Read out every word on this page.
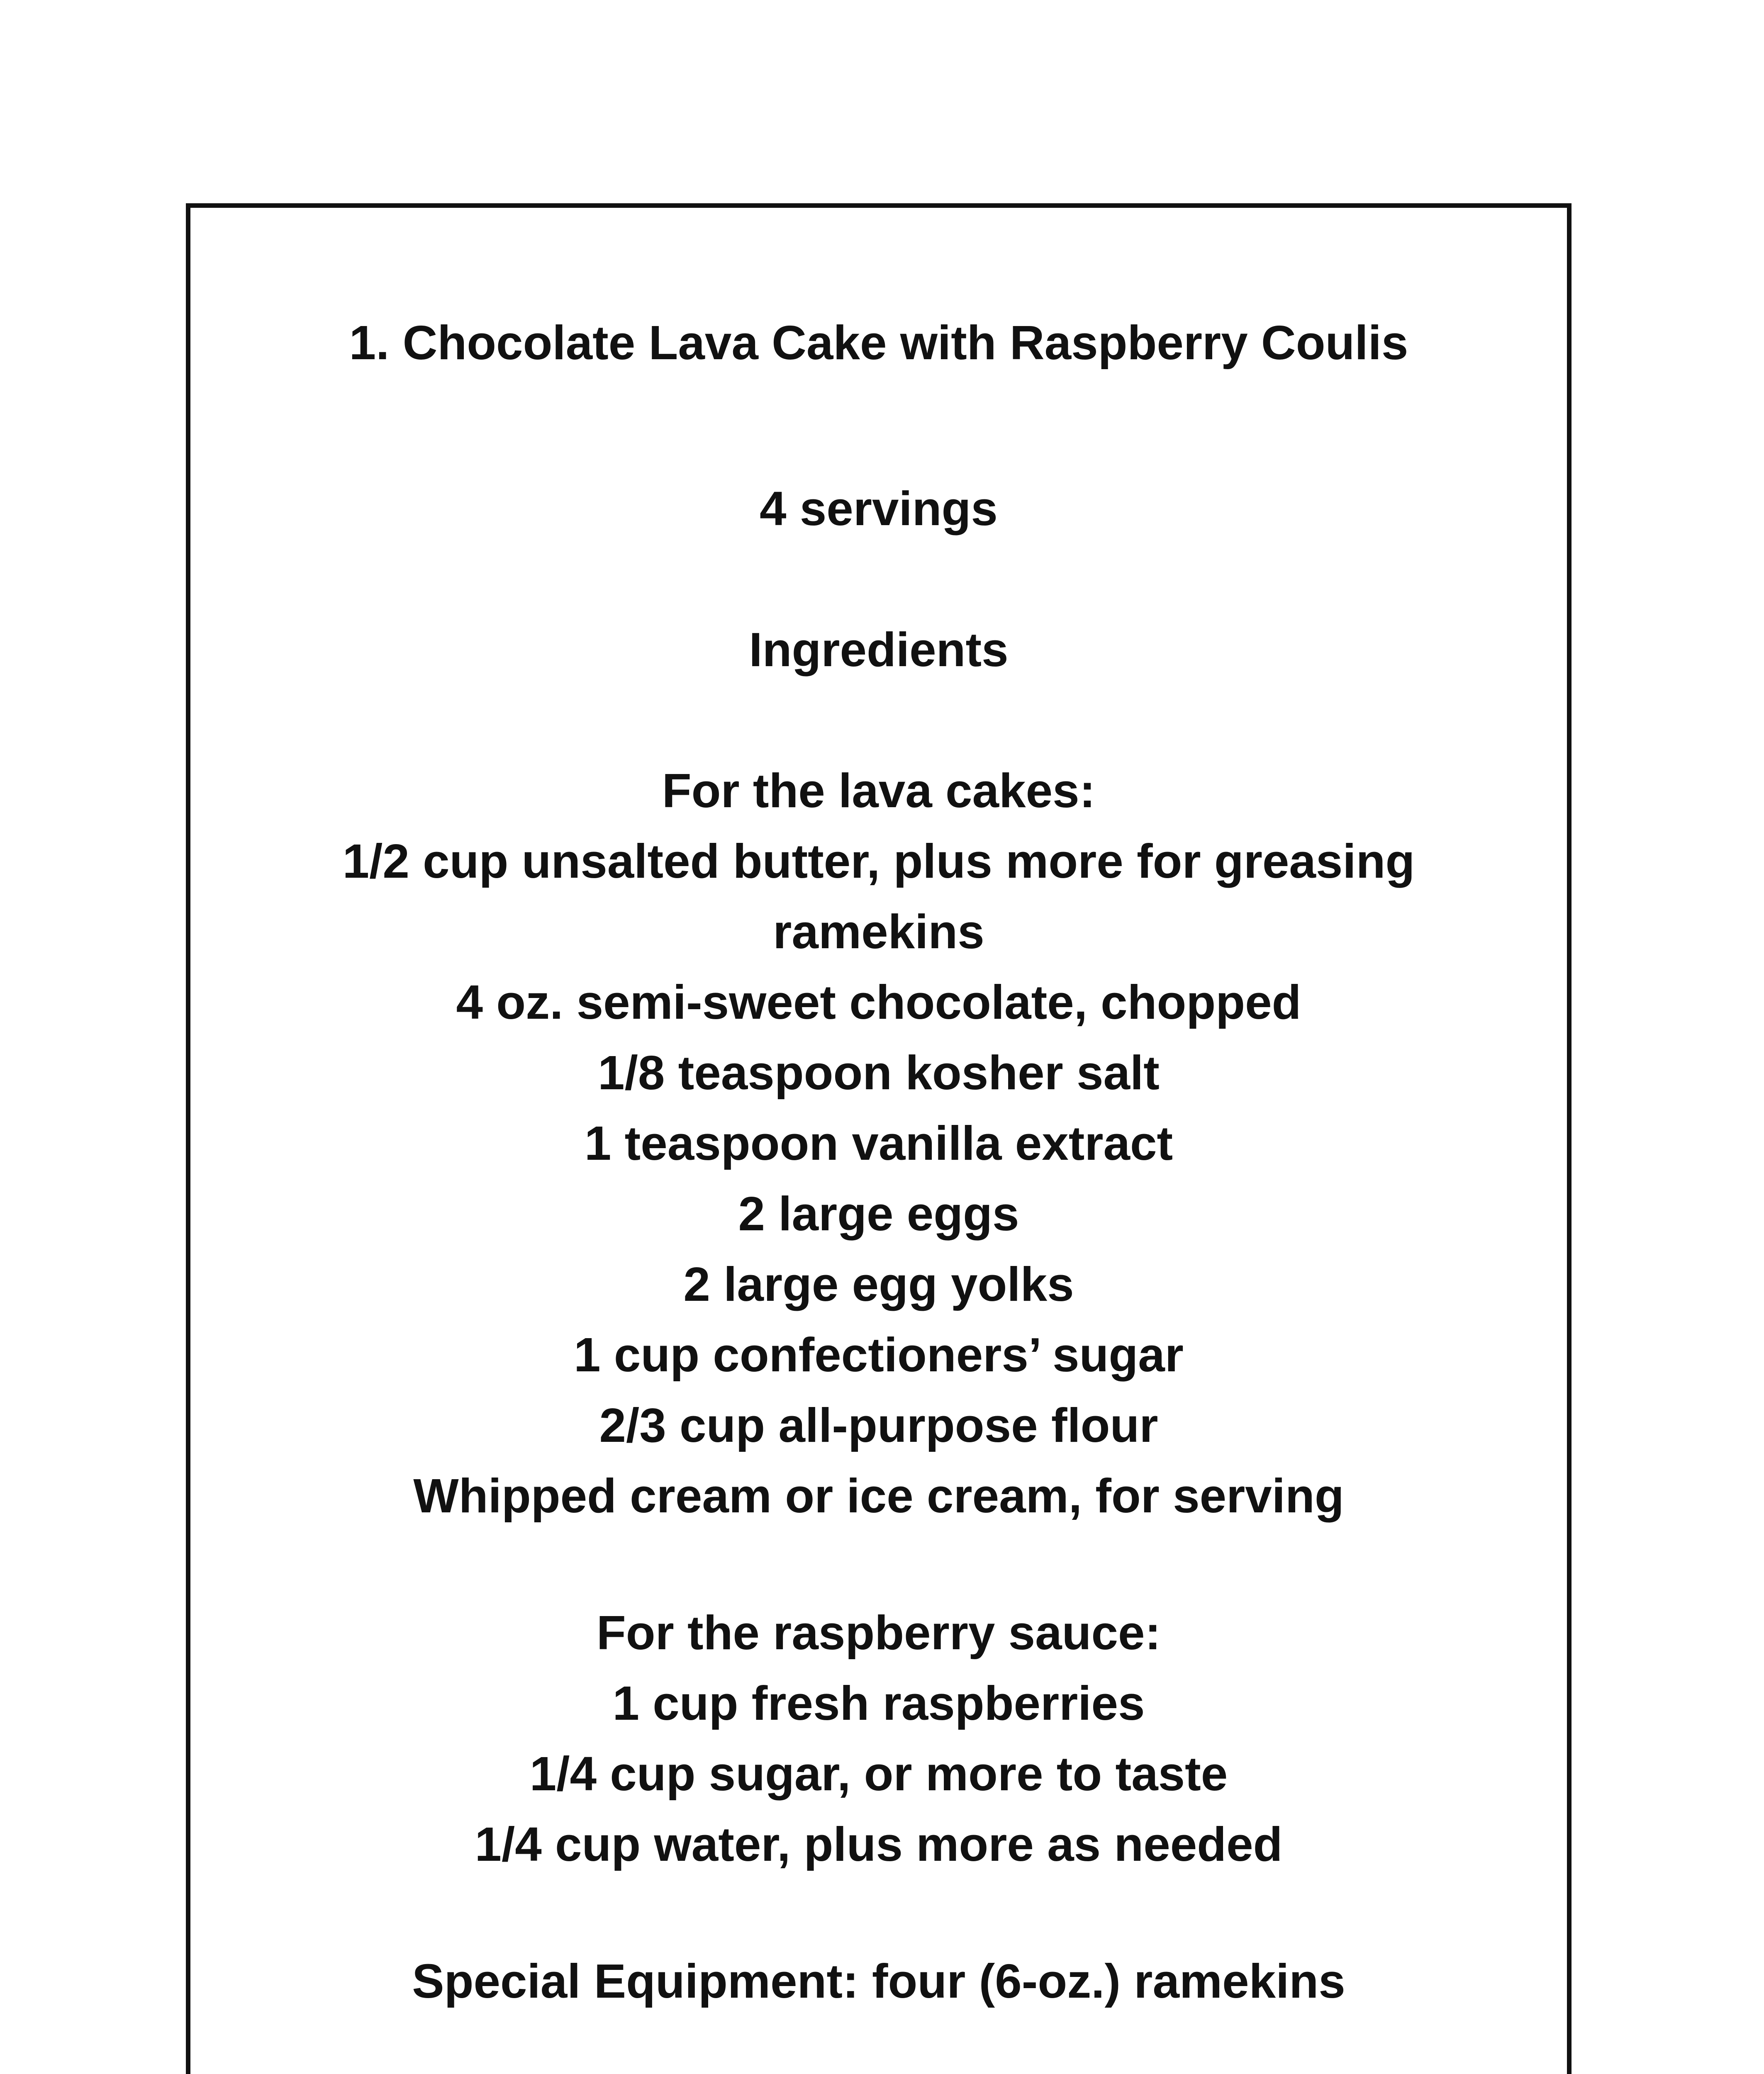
1. Chocolate Lava Cake with Raspberry Coulis
4 servings
Ingredients
For the lava cakes:
1/2 cup unsalted butter, plus more for greasing
ramekins
4 oz. semi-sweet chocolate, chopped
1/8 teaspoon kosher salt
1 teaspoon vanilla extract
2 large eggs
2 large egg yolks
1 cup confectioners’ sugar
2/3 cup all-purpose flour
Whipped cream or ice cream, for serving
For the raspberry sauce:
1 cup fresh raspberries
1/4 cup sugar, or more to taste
1/4 cup water, plus more as needed
Special Equipment: four (6-oz.) ramekins
